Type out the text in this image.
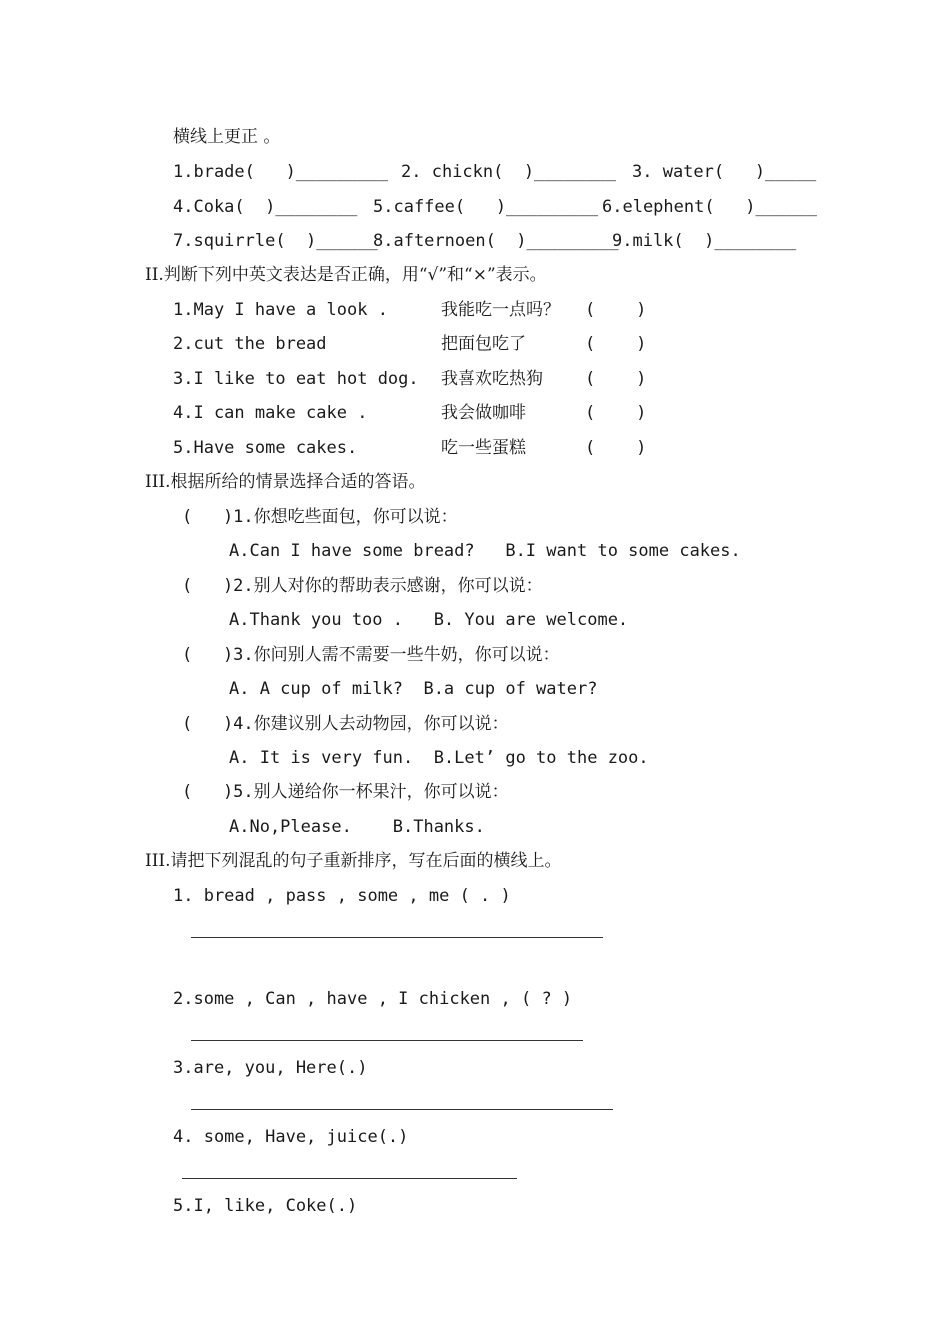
横线上更正 。
1.brade(   )_________ 2. chickn(  )________ 3. water(   )_____
4.Coka(  )________ 5.caffee(   )_________ 6.elephent(   )______
7.squirrle(  )______
8.afternoen(  )_________
9.milk(  )________
II.判断下列中英文表达是否正确，用“√”和“×”表示。
1.May I have a look .	我能吃一点吗？ (    )
2.cut the bread	把面包吃了	(    )
3.I like to eat hot dog. 我喜欢吃热狗 (    )
4.I can make cake .	我会做咖啡	(    )
5.Have some cakes.	吃一些蛋糕	(    )
III.根据所给的情景选择合适的答语。
(   )1.你想吃些面包，你可以说：
A.Can I have some bread?   B.I want to some cakes.
(   )2.别人对你的帮助表示感谢，你可以说：
A.Thank you too .   B. You are welcome.
(   )3.你问别人需不需要一些牛奶，你可以说：
A. A cup of milk?  B.a cup of water?
(   )4.你建议别人去动物园，你可以说：
A. It is very fun.  B.Let’ go to the zoo.
(   )5.别人递给你一杯果汁，你可以说：
A.No,Please.    B.Thanks.
III.请把下列混乱的句子重新排序，写在后面的横线上。
1. bread , pass , some , me ( . )
2.some , Can , have , I chicken , ( ? )
3.are, you, Here(.)
4. some, Have, juice(.)
5.I, like, Coke(.)
